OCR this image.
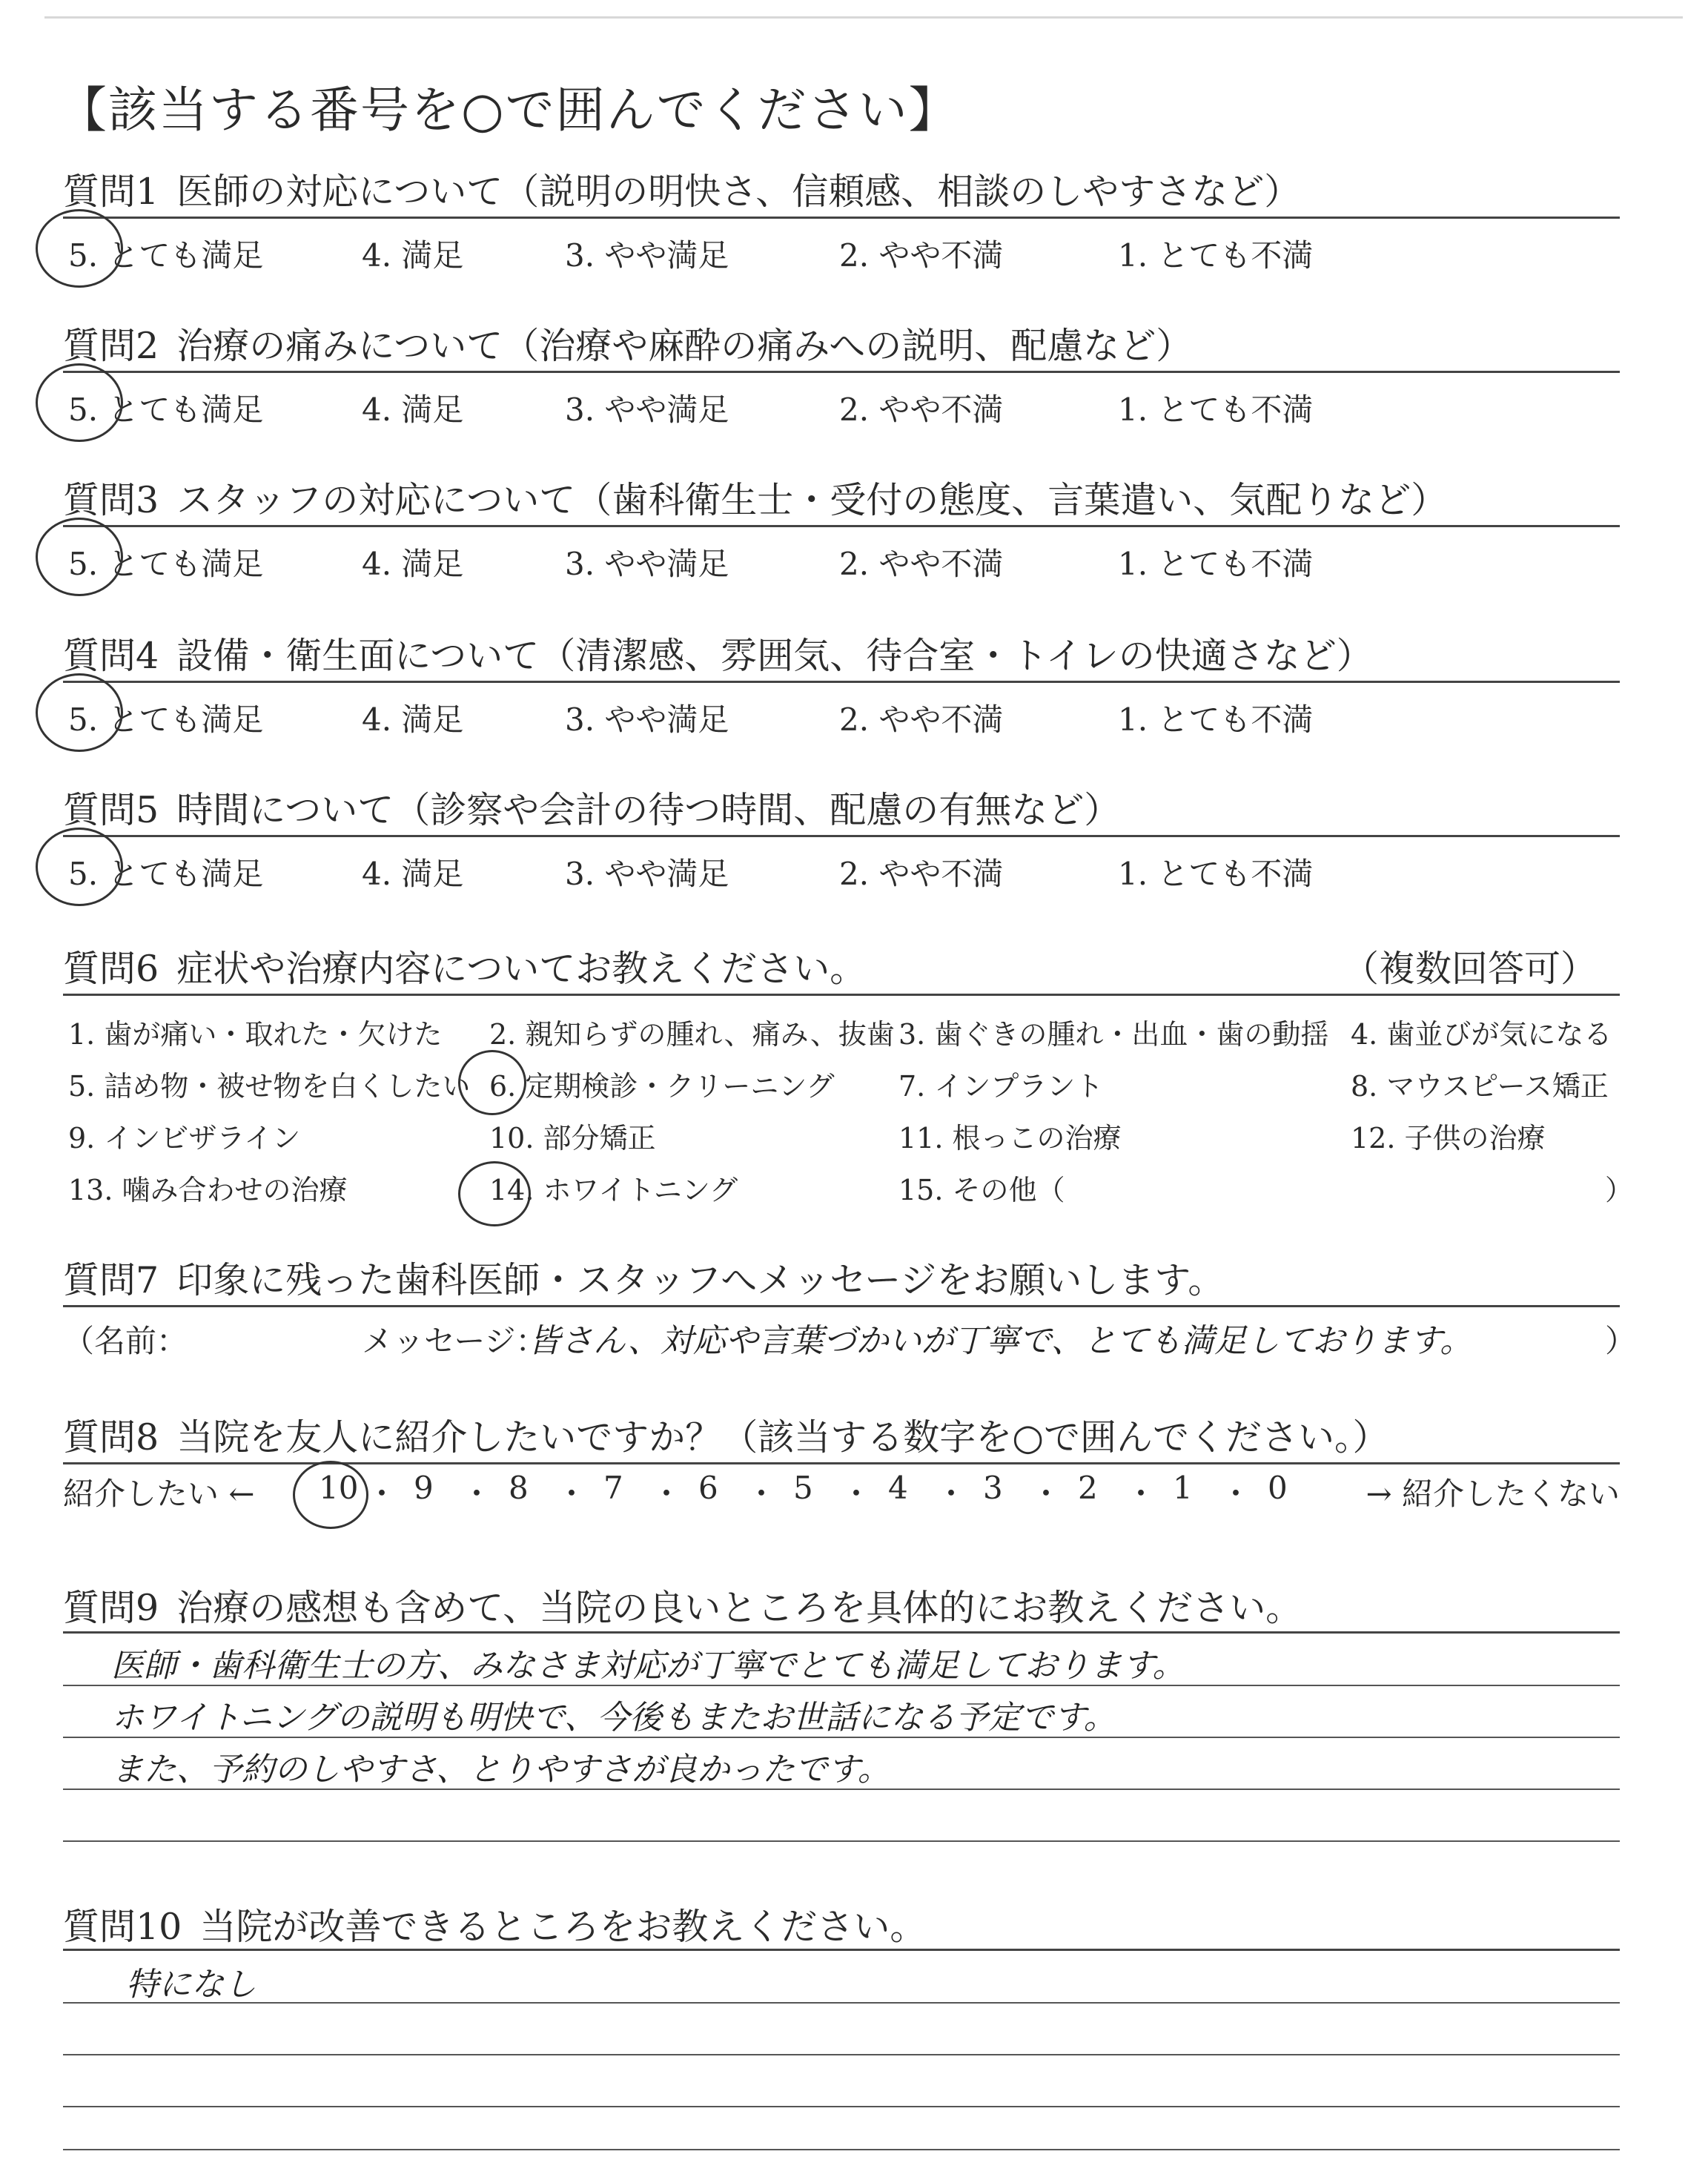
【該当する番号を○で囲んでください】
質問1 医師の対応について（説明の明快さ、信頼感、相談のしやすさなど）
5. とても満足	4. 満足	3. やや満足	2. やや不満	1. とても不満
質問2 治療の痛みについて（治療や麻酔の痛みへの説明、配慮など）
5. とても満足	4. 満足	3. やや満足	2. やや不満	1. とても不満
質問3 スタッフの対応について（歯科衛生士・受付の態度、言葉遣い、気配りなど）
5. とても満足	4. 満足	3. やや満足	2. やや不満	1. とても不満
質問4 設備・衛生面について（清潔感、雰囲気、待合室・トイレの快適さなど）
5. とても満足	4. 満足	3. やや満足	2. やや不満	1. とても不満
質問5 時間について（診察や会計の待つ時間、配慮の有無など）
5. とても満足	4. 満足	3. やや満足	2. やや不満	1. とても不満
質問6 症状や治療内容についてお教えください。	（複数回答可）
1. 歯が痛い・取れた・欠けた 2. 親知らずの腫れ、痛み、抜歯 3. 歯ぐきの腫れ・出血・歯の動揺 4. 歯並びが気になる
5. 詰め物・被せ物を白くしたい 6. 定期検診・クリーニング 7. インプラント	8. マウスピース矯正
9. インビザライン	10. 部分矯正	11. 根っこの治療	12. 子供の治療
13. 噛み合わせの治療	14. ホワイトニング	15. その他（	）
質問7 印象に残った歯科医師・スタッフへメッセージをお願いします。
（名前：	メッセージ：
皆さん、対応や言葉づかいが丁寧で、とても満足しております。	）
質問8 当院を友人に紹介したいですか？（該当する数字を○で囲んでください。）
紹介したい ←	→ 紹介したくない
10 ・ 9 ・ 8 ・ 7 ・ 6 ・ 5 ・ 4 ・ 3 ・ 2 ・ 1 ・ 0
質問9 治療の感想も含めて、当院の良いところを具体的にお教えください。
医師・歯科衛生士の方、みなさま対応が丁寧でとても満足しております。
ホワイトニングの説明も明快で、今後もまたお世話になる予定です。
また、予約のしやすさ、とりやすさが良かったです。
質問10 当院が改善できるところをお教えください。
特になし
